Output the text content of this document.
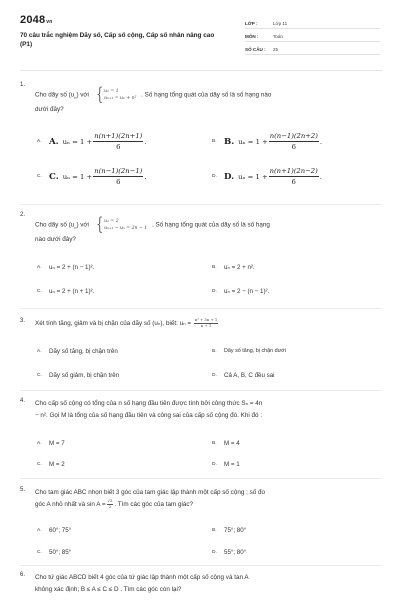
2048vn
70 câu trắc nghiệm Dãy số, Cấp số cộng, Cấp số nhân nâng cao (P1)
LỚP :	Lớp 11
MÔN :	Toán
SỐ CÂU :	25
1.
Cho dãy số $(u_n)$ với { u₁ = 1
uₙ₊₁ = uₙ + n² . Số hạng tổng quát của dãy số là số hạng nào
dưới đây?
A. A. $u_n = 1 + \frac{n(n+1)(2n+1)}{6}$ .	B. B. $u_n = 1 + \frac{n(n-1)(2n+2)}{6}$ .
C. C. $u_n = 1 + \frac{n(n-1)(2n-1)}{6}$ .	D. D. $u_n = 1 + \frac{n(n+1)(2n-2)}{6}$ .
2.
Cho dãy số $(u_n)$ với { u₁ = 2
uₙ₊₁ − uₙ = 2n − 1 . Số hạng tổng quát của dãy số là số hạng
nào dưới đây?
A. uₙ = 2 + (n − 1)².	B. uₙ = 2 + n².
C. uₙ = 2 + (n + 1)².	D. uₙ = 2 − (n − 1)².
3. Xét tính tăng, giảm và bị chặn của dãy số (uₙ), biết: $u_n = \frac{\text{n² + 3n + 1}}{n + 1}$
A. Dãy số tăng, bị chặn trên	B. Dãy số tăng, bị chặn dưới
C. Dãy số giảm, bị chặn trên	D. Cả A, B, C đều sai
4. Cho cấp số cộng có tổng của n số hạng đầu tiên được tính bởi công thức Sₙ = 4n
− n². Gọi M là tổng của số hạng đầu tiên và công sai của cấp số cộng đó. Khi đó :
A. M = 7	B. M = 4
C. M = 2	D. M = 1
5. Cho tam giác ABC nhọn biết 3 góc của tam giác lập thành một cấp số cộng ; số đo
góc A nhỏ nhất và $\sin A = \frac{√3}{2}$ . Tìm các góc của tam giác?
A. 60°; 75°	B. 75°; 80°
C. 50°; 85°	D. 55°; 80°
6. Cho tứ giác ABCD biết 4 góc của tứ giác lập thành một cấp số cộng và tan A
không xác định; B ≤ A ≤ C ≤ D . Tìm các góc còn lại?
